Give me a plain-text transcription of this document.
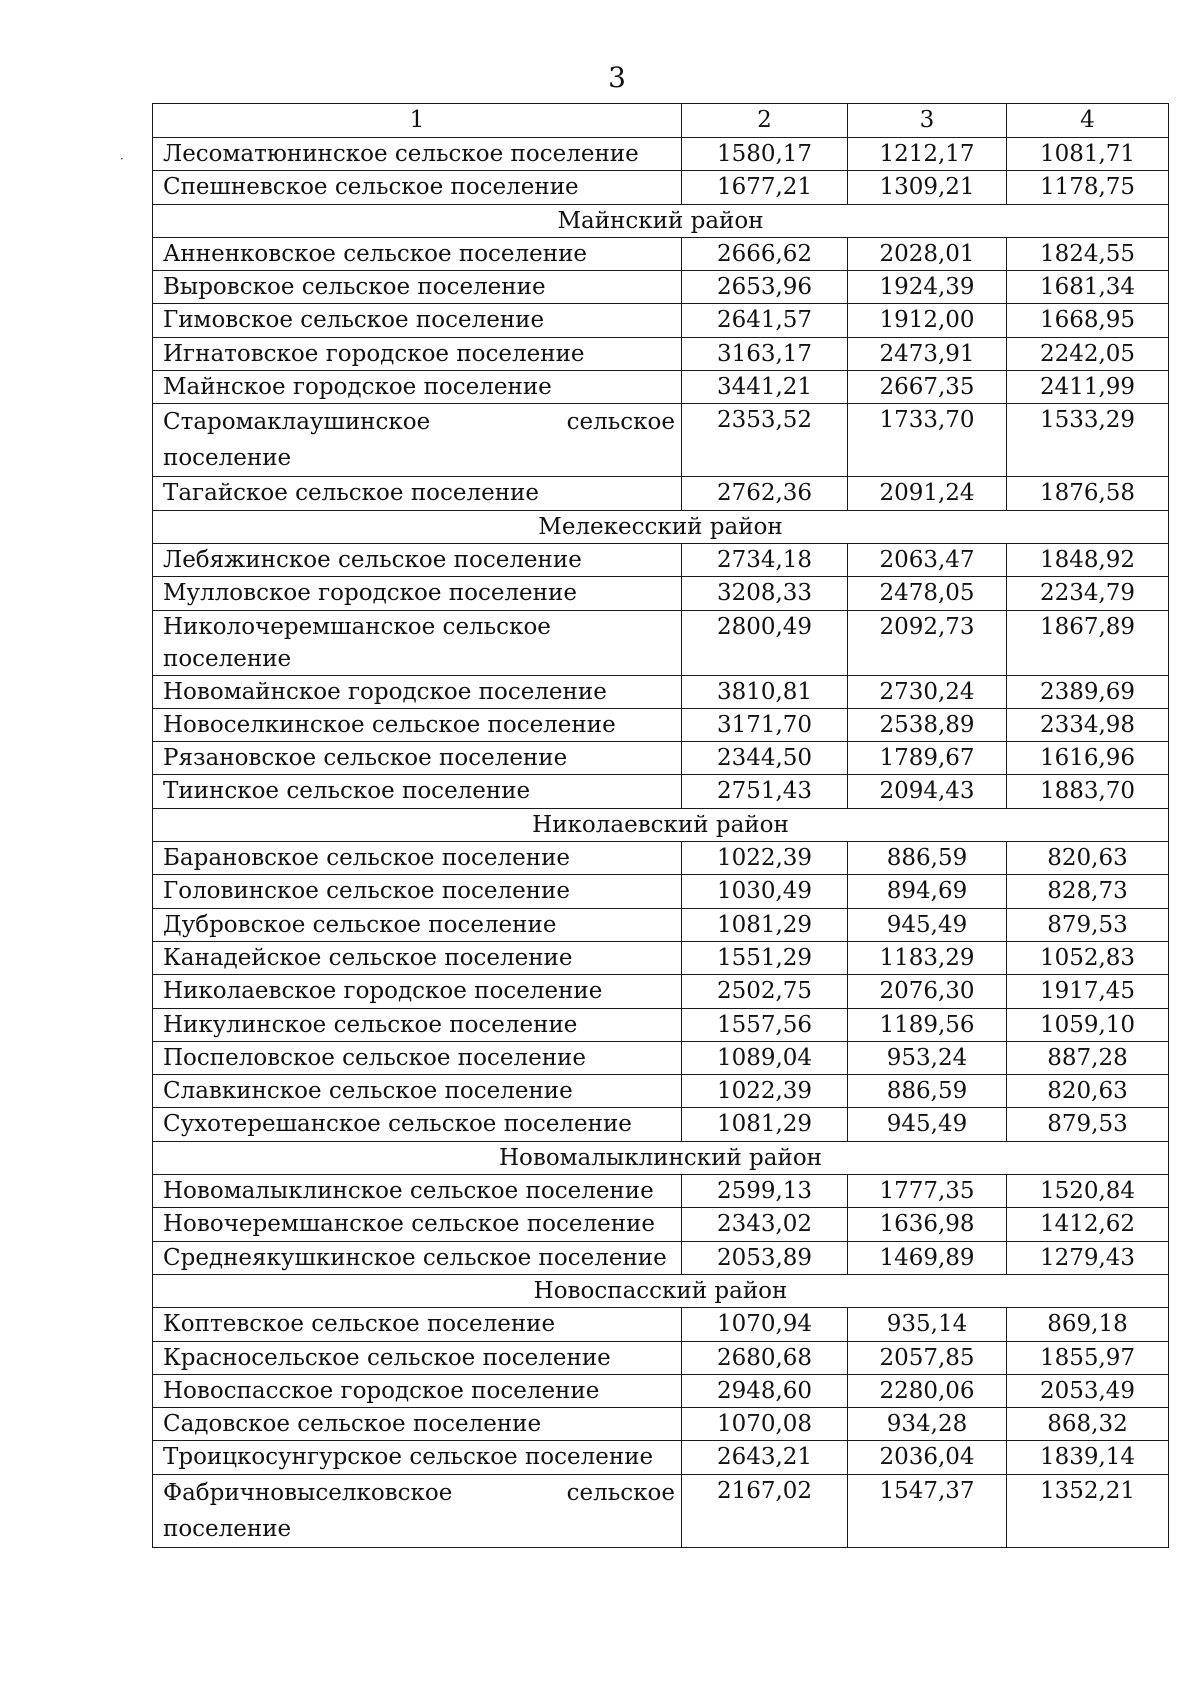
3
·
1	2	3	4
Лесоматюнинское сельское поселение	1580,17	1212,17	1081,71
Спешневское сельское поселение	1677,21	1309,21	1178,75
Майнский район			
Анненковское сельское поселение	2666,62	2028,01	1824,55
Выровское сельское поселение	2653,96	1924,39	1681,34
Гимовское сельское поселение	2641,57	1912,00	1668,95
Игнатовское городское поселение	3163,17	2473,91	2242,05
Майнское городское поселение	3441,21	2667,35	2411,99
Старомаклаушинское сельское поселение	2353,52	1733,70	1533,29
Тагайское сельское поселение	2762,36	2091,24	1876,58
Мелекесский район			
Лебяжинское сельское поселение	2734,18	2063,47	1848,92
Мулловское городское поселение	3208,33	2478,05	2234,79
Николочеремшанское сельское поселение	2800,49	2092,73	1867,89
Новомайнское городское поселение	3810,81	2730,24	2389,69
Новоселкинское сельское поселение	3171,70	2538,89	2334,98
Рязановское сельское поселение	2344,50	1789,67	1616,96
Тиинское сельское поселение	2751,43	2094,43	1883,70
Николаевский район			
Барановское сельское поселение	1022,39	886,59	820,63
Головинское сельское поселение	1030,49	894,69	828,73
Дубровское сельское поселение	1081,29	945,49	879,53
Канадейское сельское поселение	1551,29	1183,29	1052,83
Николаевское городское поселение	2502,75	2076,30	1917,45
Никулинское сельское поселение	1557,56	1189,56	1059,10
Поспеловское сельское поселение	1089,04	953,24	887,28
Славкинское сельское поселение	1022,39	886,59	820,63
Сухотерешанское сельское поселение	1081,29	945,49	879,53
Новомалыклинский район			
Новомалыклинское сельское поселение	2599,13	1777,35	1520,84
Новочеремшанское сельское поселение	2343,02	1636,98	1412,62
Среднеякушкинское сельское поселение	2053,89	1469,89	1279,43
Новоспасский район			
Коптевское сельское поселение	1070,94	935,14	869,18
Красносельское сельское поселение	2680,68	2057,85	1855,97
Новоспасское городское поселение	2948,60	2280,06	2053,49
Садовское сельское поселение	1070,08	934,28	868,32
Троицкосунгурское сельское поселение	2643,21	2036,04	1839,14
Фабричновыселковское сельское поселение	2167,02	1547,37	1352,21
